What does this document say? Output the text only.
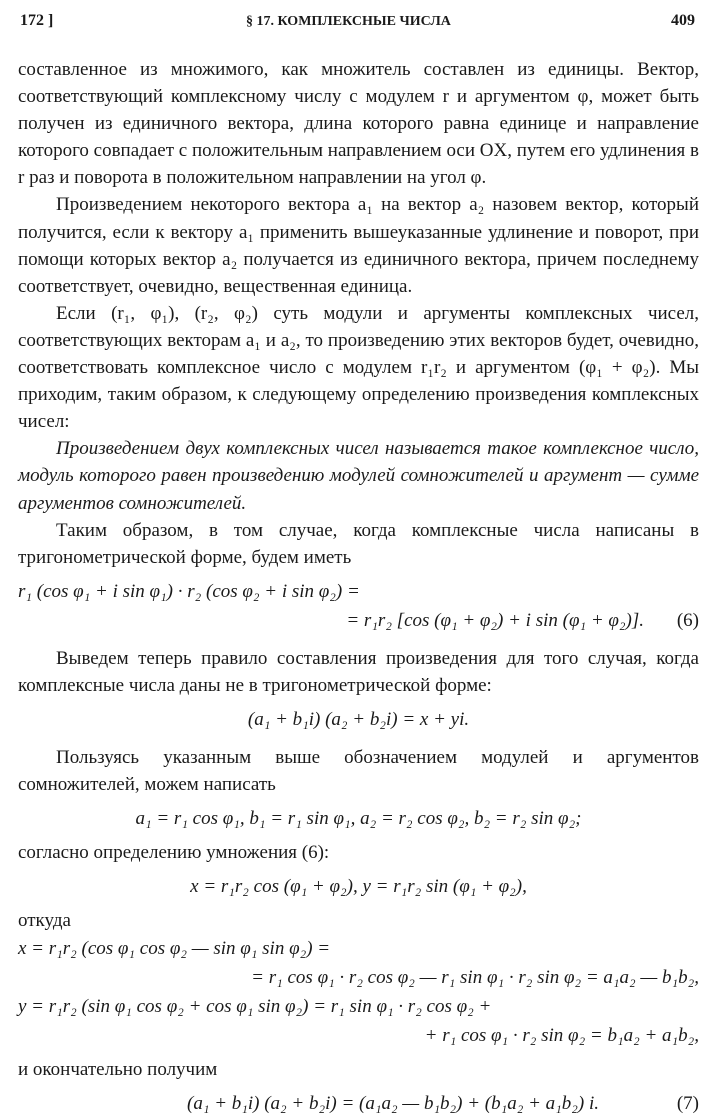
172 ]	§ 17. КОМПЛЕКСНЫЕ ЧИСЛА	409

составленное из множимого, как множитель составлен из единицы. Вектор, соответствующий комплексному числу с модулем r и аргументом φ, может быть получен из единичного вектора, длина которого равна единице и направление которого совпадает с положительным направлением оси OX, путем его удлинения в r раз и поворота в положительном направлении на угол φ.

Произведением некоторого вектора a₁ на вектор a₂ назовем вектор, который получится, если к вектору a₁ применить вышеуказанные удлинение и поворот, при помощи которых вектор a₂ получается из единичного вектора, причем последнему соответствует, очевидно, вещественная единица.

Если (r₁, φ₁), (r₂, φ₂) суть модули и аргументы комплексных чисел, соответствующих векторам a₁ и a₂, то произведению этих векторов будет, очевидно, соответствовать комплексное число с модулем r₁r₂ и аргументом (φ₁ + φ₂). Мы приходим, таким образом, к следующему определению произведения комплексных чисел:

Произведением двух комплексных чисел называется такое комплексное число, модуль которого равен произведению модулей сомножителей и аргумент — сумме аргументов сомножителей.

Таким образом, в том случае, когда комплексные числа написаны в тригонометрической форме, будем иметь

r₁ (cos φ₁ + i sin φ₁) · r₂ (cos φ₂ + i sin φ₂) =
= r₁r₂ [cos (φ₁ + φ₂) + i sin (φ₁ + φ₂)]. (6)

Выведем теперь правило составления произведения для того случая, когда комплексные числа даны не в тригонометрической форме:

(a₁ + b₁i) (a₂ + b₂i) = x + yi.

Пользуясь указанным выше обозначением модулей и аргументов сомножителей, можем написать

a₁ = r₁ cos φ₁, b₁ = r₁ sin φ₁, a₂ = r₂ cos φ₂, b₂ = r₂ sin φ₂;

согласно определению умножения (6):

x = r₁r₂ cos (φ₁ + φ₂), y = r₁r₂ sin (φ₁ + φ₂),

откуда

x = r₁r₂ (cos φ₁ cos φ₂ — sin φ₁ sin φ₂) =
= r₁ cos φ₁ · r₂ cos φ₂ — r₁ sin φ₁ · r₂ sin φ₂ = a₁a₂ — b₁b₂,
y = r₁r₂ (sin φ₁ cos φ₂ + cos φ₁ sin φ₂) = r₁ sin φ₁ · r₂ cos φ₂ +
+ r₁ cos φ₁ · r₂ sin φ₂ = b₁a₂ + a₁b₂,

и окончательно получим

(a₁ + b₁i) (a₂ + b₂i) = (a₁a₂ — b₁b₂) + (b₁a₂ + a₁b₂) i.	(7)
